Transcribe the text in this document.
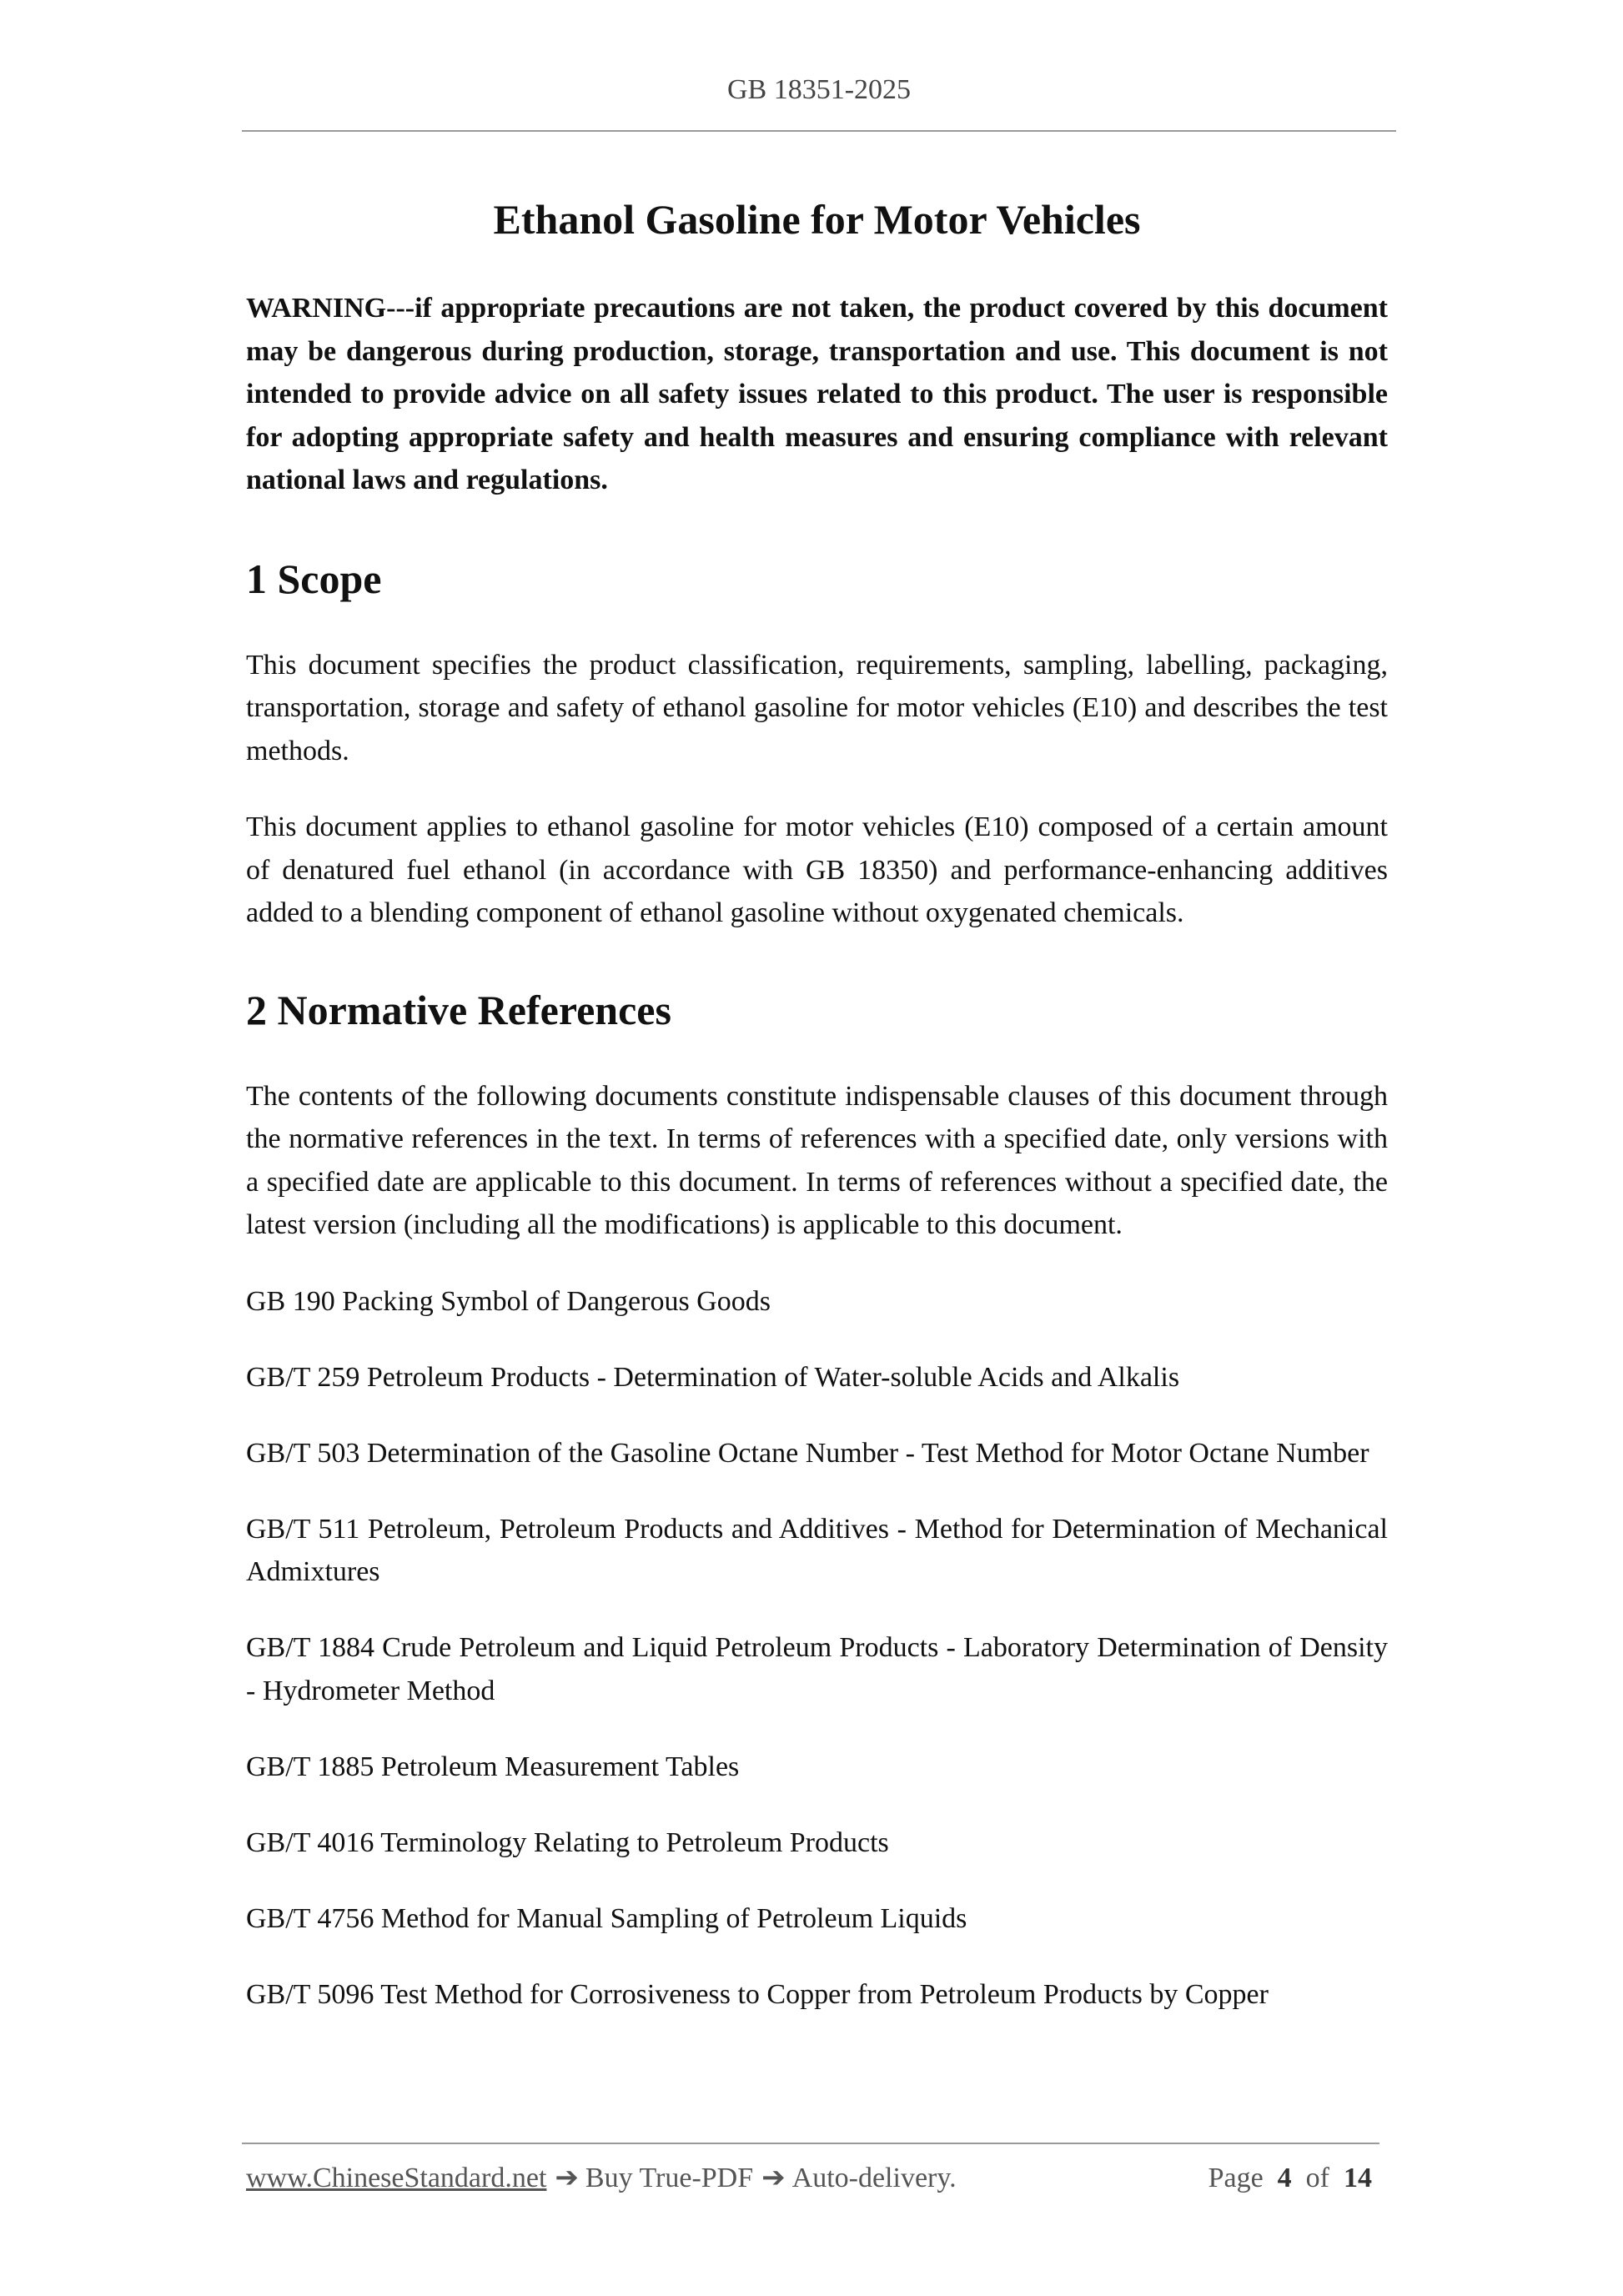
GB 18351-2025
Ethanol Gasoline for Motor Vehicles

WARNING---if appropriate precautions are not taken, the product covered by this document may be dangerous during production, storage, transportation and use. This document is not intended to provide advice on all safety issues related to this product. The user is responsible for adopting appropriate safety and health measures and ensuring compliance with relevant national laws and regulations.

1 Scope

This document specifies the product classification, requirements, sampling, labelling, packaging, transportation, storage and safety of ethanol gasoline for motor vehicles (E10) and describes the test methods.

This document applies to ethanol gasoline for motor vehicles (E10) composed of a certain amount of denatured fuel ethanol (in accordance with GB 18350) and performance-enhancing additives added to a blending component of ethanol gasoline without oxygenated chemicals.

2 Normative References

The contents of the following documents constitute indispensable clauses of this document through the normative references in the text. In terms of references with a specified date, only versions with a specified date are applicable to this document. In terms of references without a specified date, the latest version (including all the modifications) is applicable to this document.

GB 190 Packing Symbol of Dangerous Goods
GB/T 259 Petroleum Products - Determination of Water-soluble Acids and Alkalis
GB/T 503 Determination of the Gasoline Octane Number - Test Method for Motor Octane Number
GB/T 511 Petroleum, Petroleum Products and Additives - Method for Determination of Mechanical Admixtures
GB/T 1884 Crude Petroleum and Liquid Petroleum Products - Laboratory Determination of Density - Hydrometer Method
GB/T 1885 Petroleum Measurement Tables
GB/T 4016 Terminology Relating to Petroleum Products
GB/T 4756 Method for Manual Sampling of Petroleum Liquids
GB/T 5096 Test Method for Corrosiveness to Copper from Petroleum Products by Copper
www.ChineseStandard.net ➔ Buy True-PDF ➔ Auto-delivery.	Page 4 of 14
